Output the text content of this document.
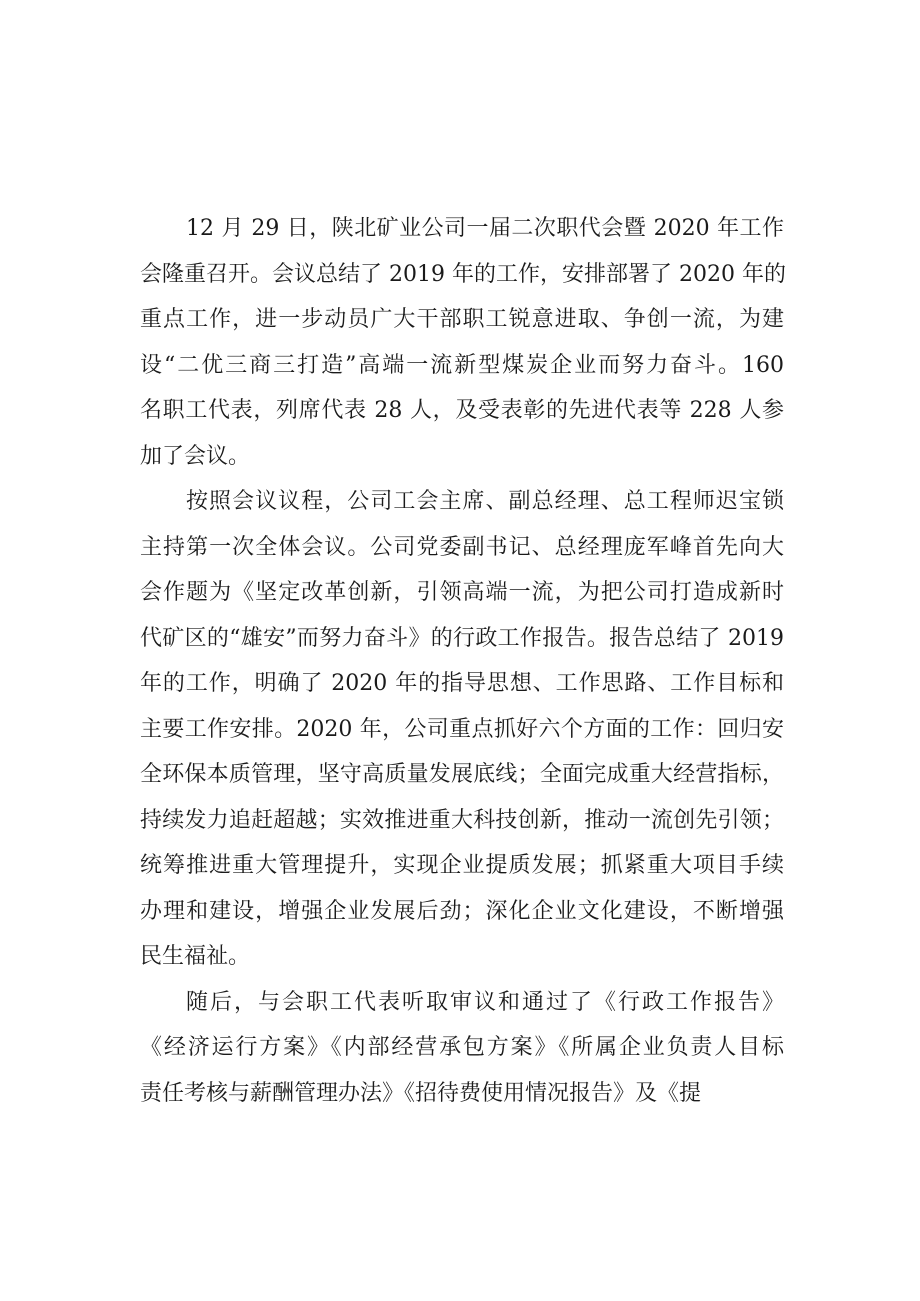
12 月 29 日，陕北矿业公司一届二次职代会暨 2020 年工作
会隆重召开。会议总结了 2019 年的工作，安排部署了 2020 年的
重点工作，进一步动员广大干部职工锐意进取、争创一流，为建
设“二优三商三打造”高端一流新型煤炭企业而努力奋斗。160
名职工代表，列席代表 28 人，及受表彰的先进代表等 228 人参
加了会议。
按照会议议程，公司工会主席、副总经理、总工程师迟宝锁
主持第一次全体会议。公司党委副书记、总经理庞军峰首先向大
会作题为《坚定改革创新，引领高端一流，为把公司打造成新时
代矿区的“雄安”而努力奋斗》的行政工作报告。报告总结了 2019
年的工作，明确了 2020 年的指导思想、工作思路、工作目标和
主要工作安排。2020 年，公司重点抓好六个方面的工作：回归安
全环保本质管理，坚守高质量发展底线；全面完成重大经营指标，
持续发力追赶超越；实效推进重大科技创新，推动一流创先引领；
统筹推进重大管理提升，实现企业提质发展；抓紧重大项目手续
办理和建设，增强企业发展后劲；深化企业文化建设，不断增强
民生福祉。
随后，与会职工代表听取审议和通过了《行政工作报告》
《经济运行方案》《内部经营承包方案》《所属企业负责人目标
责任考核与薪酬管理办法》《招待费使用情况报告》及《提
